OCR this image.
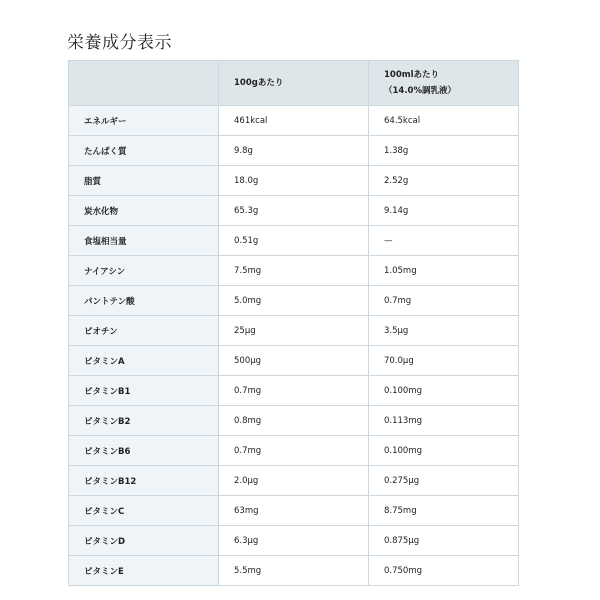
栄養成分表示
	100gあたり	100mlあたり
（14.0%調乳液）
エネルギー	461kcal	64.5kcal
たんぱく質	9.8g	1.38g
脂質	18.0g	2.52g
炭水化物	65.3g	9.14g
食塩相当量	0.51g	—
ナイアシン	7.5mg	1.05mg
パントテン酸	5.0mg	0.7mg
ビオチン	25μg	3.5μg
ビタミンA	500μg	70.0μg
ビタミンB1	0.7mg	0.100mg
ビタミンB2	0.8mg	0.113mg
ビタミンB6	0.7mg	0.100mg
ビタミンB12	2.0μg	0.275μg
ビタミンC	63mg	8.75mg
ビタミンD	6.3μg	0.875μg
ビタミンE	5.5mg	0.750mg
